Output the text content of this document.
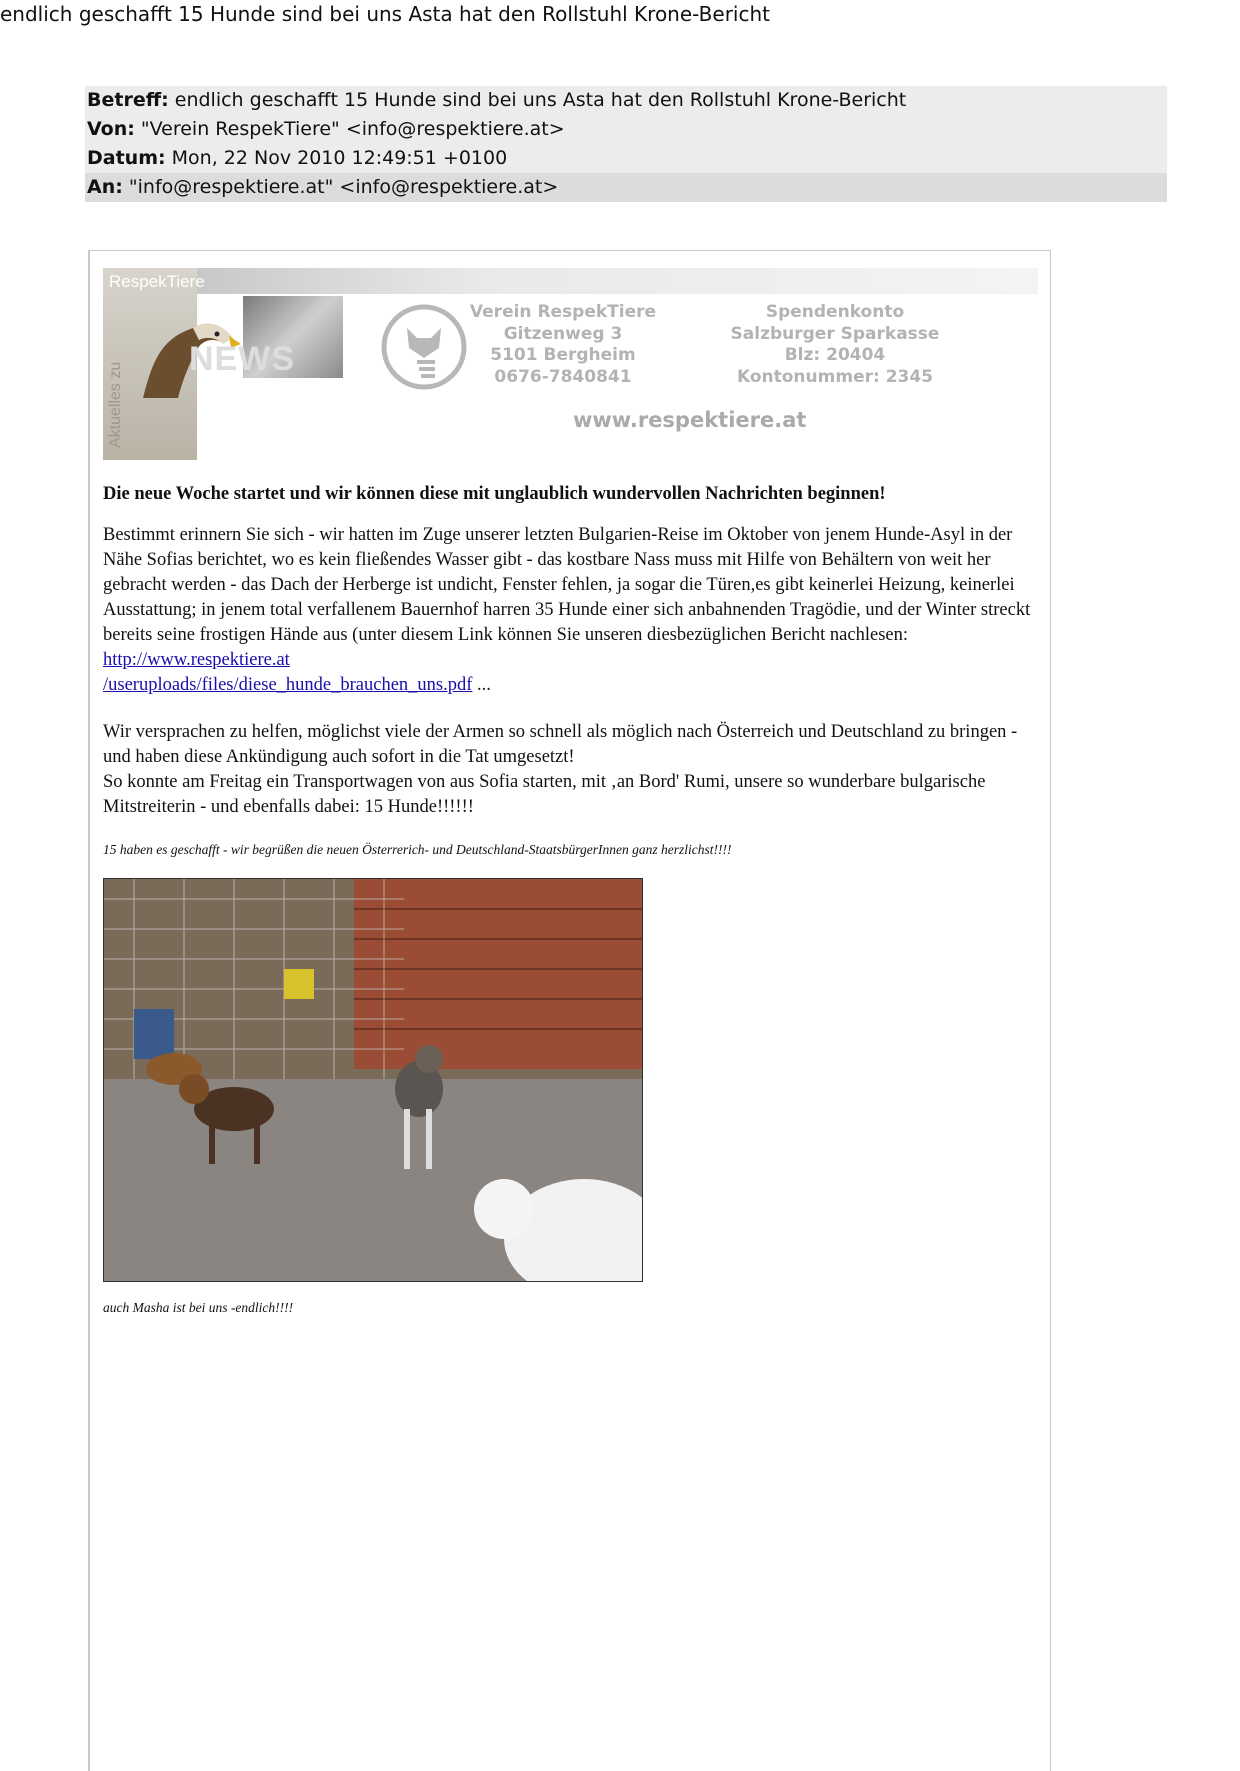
endlich geschafft 15 Hunde sind bei uns Asta hat den Rollstuhl Krone-Bericht
Betreff: endlich geschafft 15 Hunde sind bei uns Asta hat den Rollstuhl Krone-Bericht
Von: "Verein RespekTiere" <info@respektiere.at>
Datum: Mon, 22 Nov 2010 12:49:51 +0100
An: "info@respektiere.at" <info@respektiere.at>
RespekTiere
Aktuelles zu
NEWS
Verein RespekTiere
Gitzenweg 3
5101 Bergheim
0676-7840841
Spendenkonto
Salzburger Sparkasse
Blz: 20404
Kontonummer: 2345
www.respektiere.at

Die neue Woche startet und wir können diese mit unglaublich wundervollen Nachrichten beginnen!

Bestimmt erinnern Sie sich - wir hatten im Zuge unserer letzten Bulgarien-Reise im Oktober von jenem Hunde-Asyl in der Nähe Sofias berichtet, wo es kein fließendes Wasser gibt - das kostbare Nass muss mit Hilfe von Behältern von weit her gebracht werden - das Dach der Herberge ist undicht, Fenster fehlen, ja sogar die Türen,es gibt keinerlei Heizung, keinerlei Ausstattung; in jenem total verfallenem Bauernhof harren 35 Hunde einer sich anbahnenden Tragödie, und der Winter streckt bereits seine frostigen Hände aus (unter diesem Link können Sie unseren diesbezüglichen Bericht nachlesen: http://www.respektiere.at
/useruploads/files/diese_hunde_brauchen_uns.pdf ...

Wir versprachen zu helfen, möglichst viele der Armen so schnell als möglich nach Österreich und Deutschland zu bringen - und haben diese Ankündigung auch sofort in die Tat umgesetzt!
So konnte am Freitag ein Transportwagen von aus Sofia starten, mit ‚an Bord' Rumi, unsere so wunderbare bulgarische Mitstreiterin - und ebenfalls dabei: 15 Hunde!!!!!!

15 haben es geschafft - wir begrüßen die neuen Österrerich- und Deutschland-StaatsbürgerInnen ganz herzlichst!!!!

auch Masha ist bei uns -endlich!!!!
